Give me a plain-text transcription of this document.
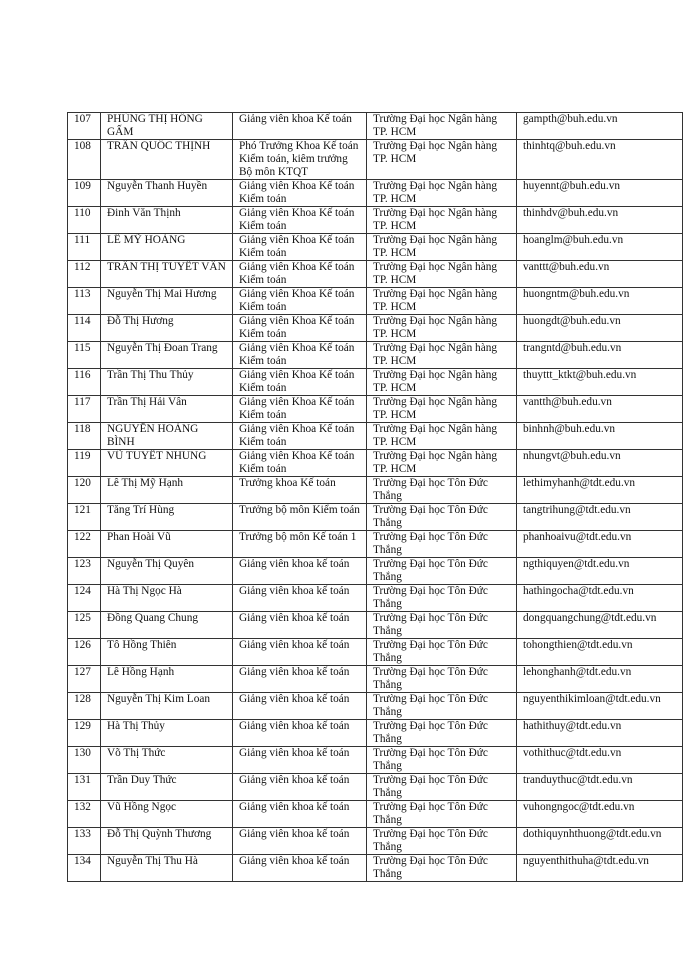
107	PHÙNG THỊ HỒNG GẤM	Giảng viên khoa Kế toán	Trường Đại học Ngân hàng TP. HCM	gampth@buh.edu.vn
108	TRẦN QUỐC THỊNH	Phó Trưởng Khoa Kế toán Kiểm toán, kiêm trưởng Bộ môn KTQT	Trường Đại học Ngân hàng TP. HCM	thinhtq@buh.edu.vn
109	Nguyễn Thanh Huyền	Giảng viên Khoa Kế toán Kiểm toán	Trường Đại học Ngân hàng TP. HCM	huyennt@buh.edu.vn
110	Đinh Văn Thịnh	Giảng viên Khoa Kế toán Kiểm toán	Trường Đại học Ngân hàng TP. HCM	thinhdv@buh.edu.vn
111	LÊ MỸ HOÀNG	Giảng viên Khoa Kế toán Kiểm toán	Trường Đại học Ngân hàng TP. HCM	hoanglm@buh.edu.vn
112	TRẦN THỊ TUYẾT VÂN	Giảng viên Khoa Kế toán Kiểm toán	Trường Đại học Ngân hàng TP. HCM	vanttt@buh.edu.vn
113	Nguyễn Thị Mai Hương	Giảng viên Khoa Kế toán Kiểm toán	Trường Đại học Ngân hàng TP. HCM	huongntm@buh.edu.vn
114	Đỗ Thị Hương	Giảng viên Khoa Kế toán Kiểm toán	Trường Đại học Ngân hàng TP. HCM	huongdt@buh.edu.vn
115	Nguyễn Thị Đoan Trang	Giảng viên Khoa Kế toán Kiểm toán	Trường Đại học Ngân hàng TP. HCM	trangntd@buh.edu.vn
116	Trần Thị Thu Thủy	Giảng viên Khoa Kế toán Kiểm toán	Trường Đại học Ngân hàng TP. HCM	thuyttt_ktkt@buh.edu.vn
117	Trần Thị Hải Vân	Giảng viên Khoa Kế toán Kiểm toán	Trường Đại học Ngân hàng TP. HCM	vantth@buh.edu.vn
118	NGUYỄN HOÀNG BÌNH	Giảng viên Khoa Kế toán Kiểm toán	Trường Đại học Ngân hàng TP. HCM	binhnh@buh.edu.vn
119	VŨ TUYẾT NHUNG	Giảng viên Khoa Kế toán Kiểm toán	Trường Đại học Ngân hàng TP. HCM	nhungvt@buh.edu.vn
120	Lê Thị Mỹ Hạnh	Trưởng khoa Kế toán	Trường Đại học Tôn Đức Thắng	lethimyhanh@tdt.edu.vn
121	Tăng Trí Hùng	Trưởng bộ môn Kiểm toán	Trường Đại học Tôn Đức Thắng	tangtrihung@tdt.edu.vn
122	Phan Hoài Vũ	Trưởng bộ môn Kế toán 1	Trường Đại học Tôn Đức Thắng	phanhoaivu@tdt.edu.vn
123	Nguyễn Thị Quyên	Giảng viên khoa kế toán	Trường Đại học Tôn Đức Thắng	ngthiquyen@tdt.edu.vn
124	Hà Thị Ngọc Hà	Giảng viên khoa kế toán	Trường Đại học Tôn Đức Thắng	hathingocha@tdt.edu.vn
125	Đồng Quang Chung	Giảng viên khoa kế toán	Trường Đại học Tôn Đức Thắng	dongquangchung@tdt.edu.vn
126	Tô Hồng Thiên	Giảng viên khoa kế toán	Trường Đại học Tôn Đức Thắng	tohongthien@tdt.edu.vn
127	Lê Hồng Hạnh	Giảng viên khoa kế toán	Trường Đại học Tôn Đức Thắng	lehonghanh@tdt.edu.vn
128	Nguyễn Thị Kim Loan	Giảng viên khoa kế toán	Trường Đại học Tôn Đức Thắng	nguyenthikimloan@tdt.edu.vn
129	Hà Thị Thủy	Giảng viên khoa kế toán	Trường Đại học Tôn Đức Thắng	hathithuy@tdt.edu.vn
130	Võ Thị Thức	Giảng viên khoa kế toán	Trường Đại học Tôn Đức Thắng	vothithuc@tdt.edu.vn
131	Trần Duy Thức	Giảng viên khoa kế toán	Trường Đại học Tôn Đức Thắng	tranduythuc@tdt.edu.vn
132	Vũ Hồng Ngọc	Giảng viên khoa kế toán	Trường Đại học Tôn Đức Thắng	vuhongngoc@tdt.edu.vn
133	Đỗ Thị Quỳnh Thương	Giảng viên khoa kế toán	Trường Đại học Tôn Đức Thắng	dothiquynhthuong@tdt.edu.vn
134	Nguyễn Thị Thu Hà	Giảng viên khoa kế toán	Trường Đại học Tôn Đức Thắng	nguyenthithuha@tdt.edu.vn
